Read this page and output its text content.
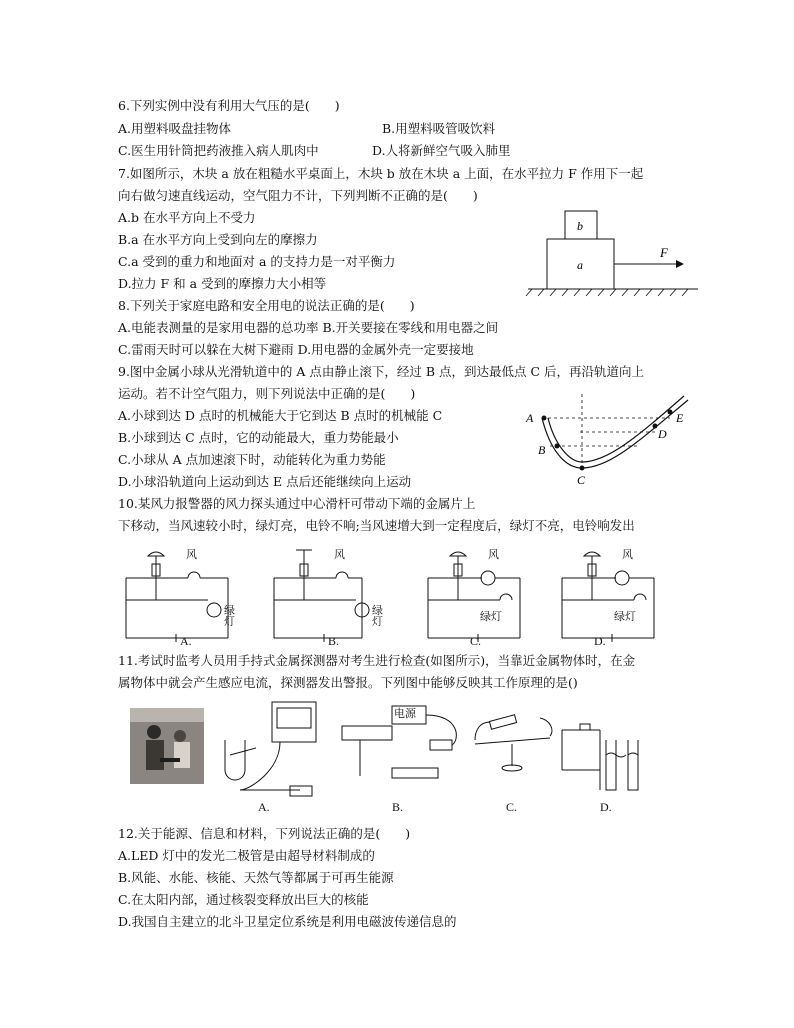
6.下列实例中没有利用大气压的是(　　)
A.用塑料吸盘挂物体	B.用塑料吸管吸饮料
C.医生用针筒把药液推入病人肌肉中	D.人将新鲜空气吸入肺里
7.如图所示，木块 a 放在粗糙水平桌面上，木块 b 放在木块 a 上面，在水平拉力 F 作用下一起
向右做匀速直线运动，空气阻力不计，下列判断不正确的是(　　)
A.b 在水平方向上不受力
B.a 在水平方向上受到向左的摩擦力
C.a 受到的重力和地面对 a 的支持力是一对平衡力
D.拉力 F 和 a 受到的摩擦力大小相等
b
a
F
8.下列关于家庭电路和安全用电的说法正确的是(　　)
A.电能表测量的是家用电器的总功率 B.开关要接在零线和用电器之间
C.雷雨天时可以躲在大树下避雨 D.用电器的金属外壳一定要接地
9.图中金属小球从光滑轨道中的 A 点由静止滚下，经过 B 点，到达最低点 C 后，再沿轨道向上
运动。若不计空气阻力，则下列说法中正确的是(　　)
A.小球到达 D 点时的机械能大于它到达 B 点时的机械能 C
B.小球到达 C 点时，它的动能最大，重力势能最小
C.小球从 A 点加速滚下时，动能转化为重力势能
D.小球沿轨道向上运动到达 E 点后还能继续向上运动
A
B
C
D
E
10.某风力报警器的风力探头通过中心滑杆可带动下端的金属片上
下移动，当风速较小时，绿灯亮，电铃不响;当风速增大到一定程度后，绿灯不亮，电铃响发出
风	风	风	风
绿灯
绿灯	绿灯	绿灯
A.	B.	C.	D.
11.考试时监考人员用手持式金属探测器对考生进行检查(如图所示)，当靠近金属物体时，在金
属物体中就会产生感应电流，探测器发出警报。下列图中能够反映其工作原理的是()
电源
A.	B.	C.	D.
12.关于能源、信息和材料，下列说法正确的是(　　)
A.LED 灯中的发光二极管是由超导材料制成的
B.风能、水能、核能、天然气等都属于可再生能源
C.在太阳内部，通过核裂变释放出巨大的核能
D.我国自主建立的北斗卫星定位系统是利用电磁波传递信息的
